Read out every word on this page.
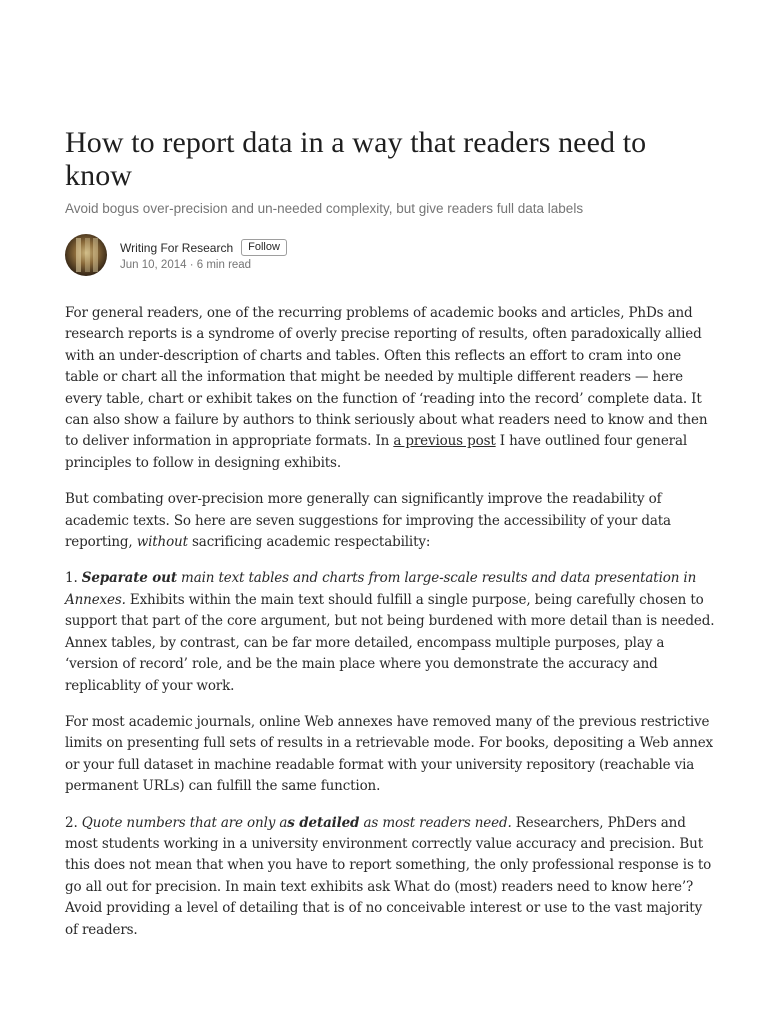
How to report data in a way that readers need to know
Avoid bogus over-precision and un-needed complexity, but give readers full data labels
Writing For Research	Follow
Jun 10, 2014 · 6 min read

For general readers, one of the recurring problems of academic books and articles, PhDs and research reports is a syndrome of overly precise reporting of results, often paradoxically allied with an under-description of charts and tables. Often this reflects an effort to cram into one table or chart all the information that might be needed by multiple different readers — here every table, chart or exhibit takes on the function of ‘reading into the record’ complete data. It can also show a failure by authors to think seriously about what readers need to know and then to deliver information in appropriate formats. In a previous post I have outlined four general principles to follow in designing exhibits.

But combating over-precision more generally can significantly improve the readability of academic texts. So here are seven suggestions for improving the accessibility of your data reporting, without sacrificing academic respectability:

1. Separate out main text tables and charts from large-scale results and data presentation in Annexes. Exhibits within the main text should fulfill a single purpose, being carefully chosen to support that part of the core argument, but not being burdened with more detail than is needed. Annex tables, by contrast, can be far more detailed, encompass multiple purposes, play a ‘version of record’ role, and be the main place where you demonstrate the accuracy and replicablity of your work.

For most academic journals, online Web annexes have removed many of the previous restrictive limits on presenting full sets of results in a retrievable mode. For books, depositing a Web annex or your full dataset in machine readable format with your university repository (reachable via permanent URLs) can fulfill the same function.

2. Quote numbers that are only as detailed as most readers need. Researchers, PhDers and most students working in a university environment correctly value accuracy and precision. But this does not mean that when you have to report something, the only professional response is to go all out for precision. In main text exhibits ask What do (most) readers need to know here’? Avoid providing a level of detailing that is of no conceivable interest or use to the vast majority of readers.
